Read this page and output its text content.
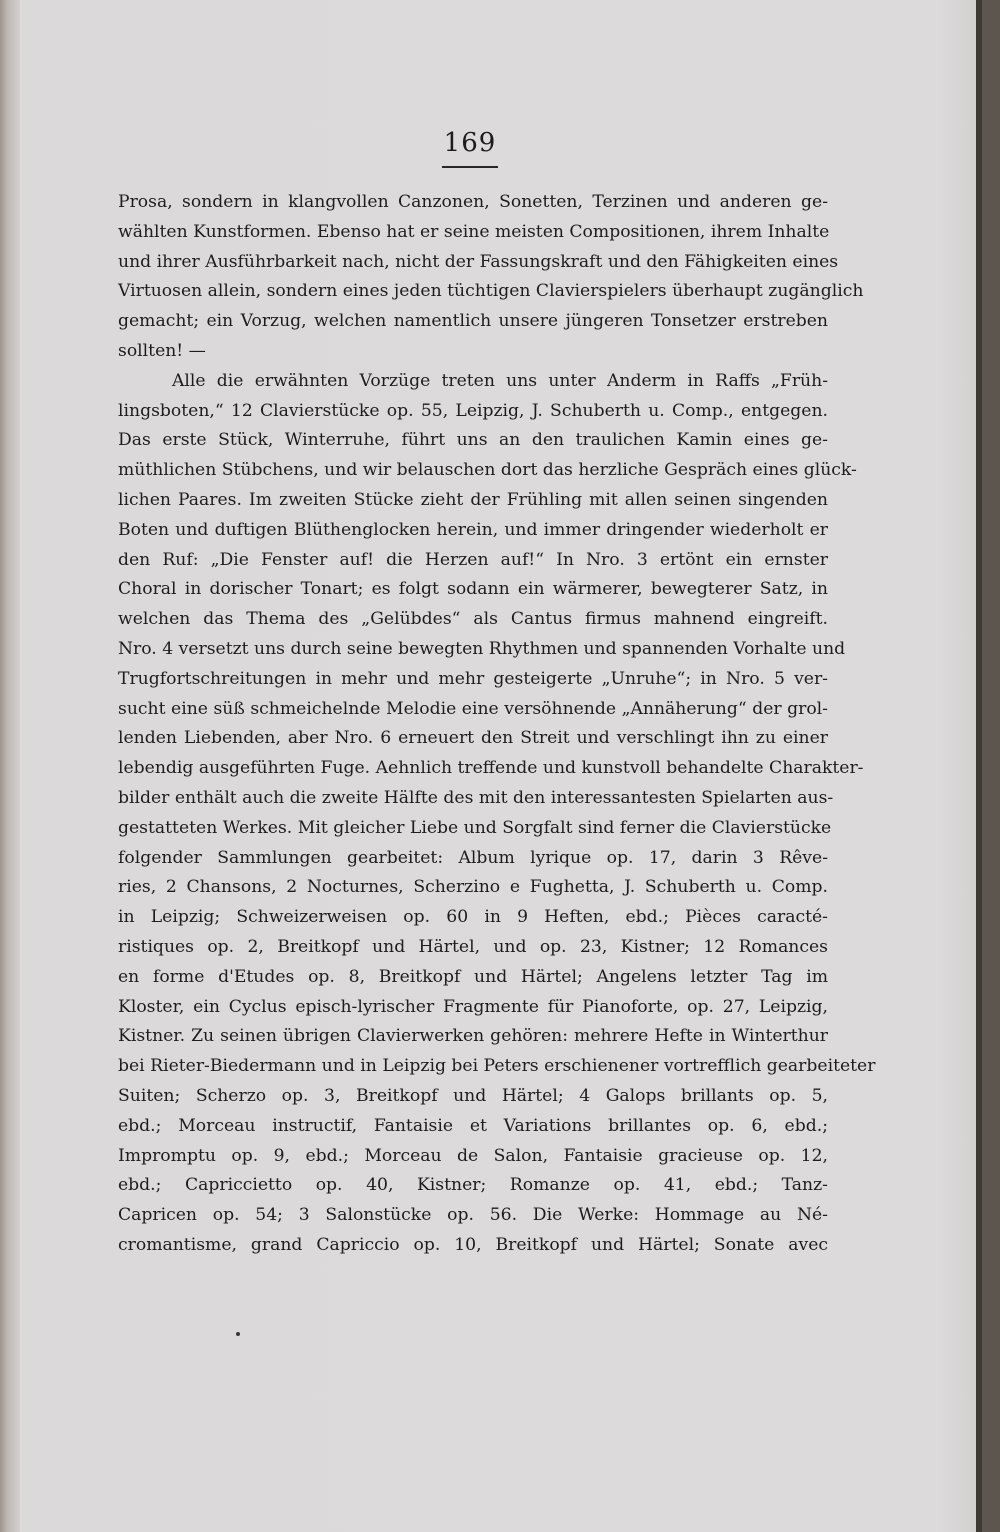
169
Prosa, sondern in klangvollen Canzonen, Sonetten, Terzinen und anderen ge-
wählten Kunstformen. Ebenso hat er seine meisten Compositionen, ihrem Inhalte
und ihrer Ausführbarkeit nach, nicht der Fassungskraft und den Fähigkeiten eines
Virtuosen allein, sondern eines jeden tüchtigen Clavierspielers überhaupt zugänglich
gemacht; ein Vorzug, welchen namentlich unsere jüngeren Tonsetzer erstreben
sollten! —
Alle die erwähnten Vorzüge treten uns unter Anderm in Raffs „Früh-
lingsboten,“ 12 Clavierstücke op. 55, Leipzig, J. Schuberth u. Comp., entgegen.
Das erste Stück, Winterruhe, führt uns an den traulichen Kamin eines ge-
müthlichen Stübchens, und wir belauschen dort das herzliche Gespräch eines glück-
lichen Paares. Im zweiten Stücke zieht der Frühling mit allen seinen singenden
Boten und duftigen Blüthenglocken herein, und immer dringender wiederholt er
den Ruf: „Die Fenster auf! die Herzen auf!“ In Nro. 3 ertönt ein ernster
Choral in dorischer Tonart; es folgt sodann ein wärmerer, bewegterer Satz, in
welchen das Thema des „Gelübdes“ als Cantus firmus mahnend eingreift.
Nro. 4 versetzt uns durch seine bewegten Rhythmen und spannenden Vorhalte und
Trugfortschreitungen in mehr und mehr gesteigerte „Unruhe“; in Nro. 5 ver-
sucht eine süß schmeichelnde Melodie eine versöhnende „Annäherung“ der grol-
lenden Liebenden, aber Nro. 6 erneuert den Streit und verschlingt ihn zu einer
lebendig ausgeführten Fuge. Aehnlich treffende und kunstvoll behandelte Charakter-
bilder enthält auch die zweite Hälfte des mit den interessantesten Spielarten aus-
gestatteten Werkes. Mit gleicher Liebe und Sorgfalt sind ferner die Clavierstücke
folgender Sammlungen gearbeitet: Album lyrique op. 17, darin 3 Rêve-
ries, 2 Chansons, 2 Nocturnes, Scherzino e Fughetta, J. Schuberth u. Comp.
in Leipzig; Schweizerweisen op. 60 in 9 Heften, ebd.; Pièces caracté-
ristiques op. 2, Breitkopf und Härtel, und op. 23, Kistner; 12 Romances
en forme d'Etudes op. 8, Breitkopf und Härtel; Angelens letzter Tag im
Kloster, ein Cyclus episch-lyrischer Fragmente für Pianoforte, op. 27, Leipzig,
Kistner. Zu seinen übrigen Clavierwerken gehören: mehrere Hefte in Winterthur
bei Rieter-Biedermann und in Leipzig bei Peters erschienener vortrefflich gearbeiteter
Suiten; Scherzo op. 3, Breitkopf und Härtel; 4 Galops brillants op. 5,
ebd.; Morceau instructif, Fantaisie et Variations brillantes op. 6, ebd.;
Impromptu op. 9, ebd.; Morceau de Salon, Fantaisie gracieuse op. 12,
ebd.; Capriccietto op. 40, Kistner; Romanze op. 41, ebd.; Tanz-
Capricen op. 54; 3 Salonstücke op. 56. Die Werke: Hommage au Né-
cromantisme, grand Capriccio op. 10, Breitkopf und Härtel; Sonate avec
